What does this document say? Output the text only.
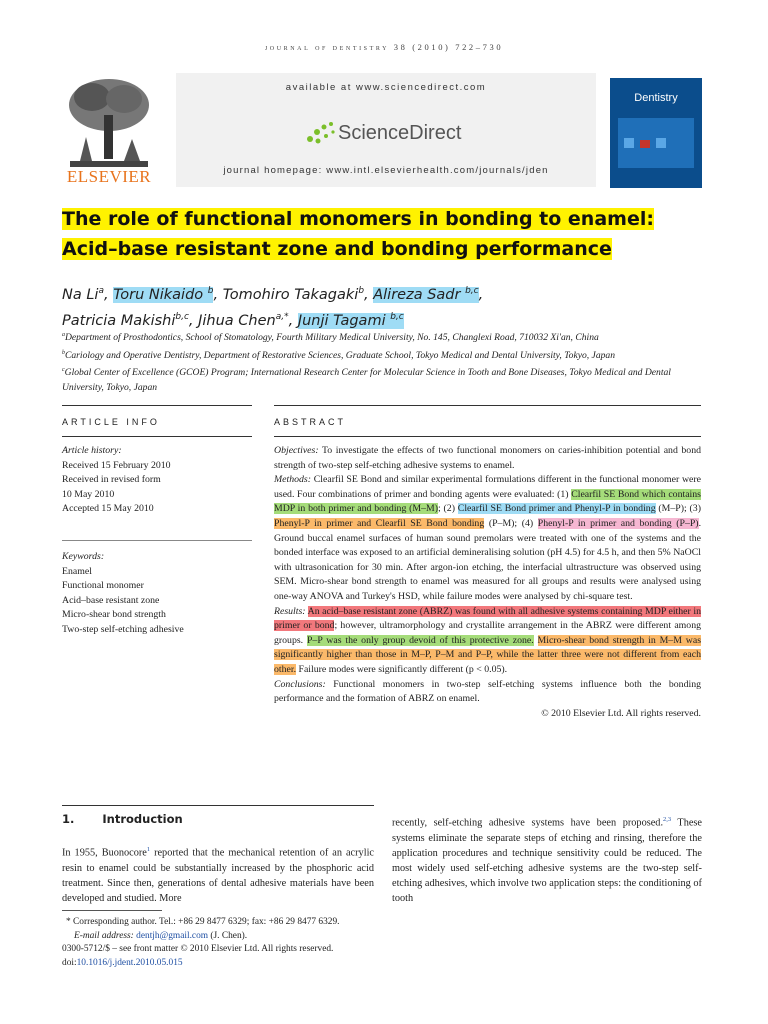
journal of dentistry 38 (2010) 722–730
ELSEVIER
available at www.sciencedirect.com
ScienceDirect
journal homepage: www.intl.elsevierhealth.com/journals/jden
Dentistry
The role of functional monomers in bonding to enamel:
Acid–base resistant zone and bonding performance
Na Li$^a$, Toru Nikaido $^b$, Tomohiro Takagaki$^b$, Alireza Sadr $^{b,c}$,
Patricia Makishi$^{b,c}$, Jihua Chen$^{a,*}$, Junji Tagami $^{b,c}$
$^a$Department of Prosthodontics, School of Stomatology, Fourth Military Medical University, No. 145, Changlexi Road, 710032 Xi'an, China
$^b$Cariology and Operative Dentistry, Department of Restorative Sciences, Graduate School, Tokyo Medical and Dental University, Tokyo, Japan
$^c$Global Center of Excellence (GCOE) Program; International Research Center for Molecular Science in Tooth and Bone Diseases, Tokyo Medical and Dental University, Tokyo, Japan
ARTICLE INFO
Article history:
Received 15 February 2010
Received in revised form
10 May 2010
Accepted 15 May 2010
Keywords:
Enamel
Functional monomer
Acid–base resistant zone
Micro-shear bond strength
Two-step self-etching adhesive
ABSTRACT
Objectives: To investigate the effects of two functional monomers on caries-inhibition potential and bond strength of two-step self-etching adhesive systems to enamel.
Methods: Clearfil SE Bond and similar experimental formulations different in the functional monomer were used. Four combinations of primer and bonding agents were evaluated: (1) Clearfil SE Bond which contains MDP in both primer and bonding (M–M); (2) Clearfil SE Bond primer and Phenyl-P in bonding (M–P); (3) Phenyl-P in primer and Clearfil SE Bond bonding (P–M); (4) Phenyl-P in primer and bonding (P–P). Ground buccal enamel surfaces of human sound premolars were treated with one of the systems and the bonded interface was exposed to an artificial demineralising solution (pH 4.5) for 4.5 h, and then 5% NaOCl with ultrasonication for 30 min. After argon-ion etching, the interfacial ultrastructure was observed using SEM. Micro-shear bond strength to enamel was measured for all groups and results were analysed using one-way ANOVA and Turkey's HSD, while failure modes were analysed by chi-square test.
Results: An acid–base resistant zone (ABRZ) was found with all adhesive systems containing MDP either in primer or bond; however, ultramorphology and crystallite arrangement in the ABRZ were different among groups. P–P was the only group devoid of this protective zone. Micro-shear bond strength in M–M was significantly higher than those in M–P, P–M and P–P, while the latter three were not different from each other. Failure modes were significantly different (p < 0.05).
Conclusions: Functional monomers in two-step self-etching systems influence both the bonding performance and the formation of ABRZ on enamel.
© 2010 Elsevier Ltd. All rights reserved.
1. Introduction
In 1955, Buonocore$^1$ reported that the mechanical retention of an acrylic resin to enamel could be substantially increased by the phosphoric acid treatment. Since then, generations of dental adhesive materials have been developed and studied. More
recently, self-etching adhesive systems have been proposed.$^{2,3}$ These systems eliminate the separate steps of etching and rinsing, therefore the application procedures and technique sensitivity could be reduced. The most widely used self-etching adhesive systems are the two-step self-etching adhesives, which involve two application steps: the conditioning of tooth
* Corresponding author. Tel.: +86 29 8477 6329; fax: +86 29 8477 6329.
E-mail address: dentjh@gmail.com (J. Chen).
0300-5712/$ – see front matter © 2010 Elsevier Ltd. All rights reserved.
doi:10.1016/j.jdent.2010.05.015
